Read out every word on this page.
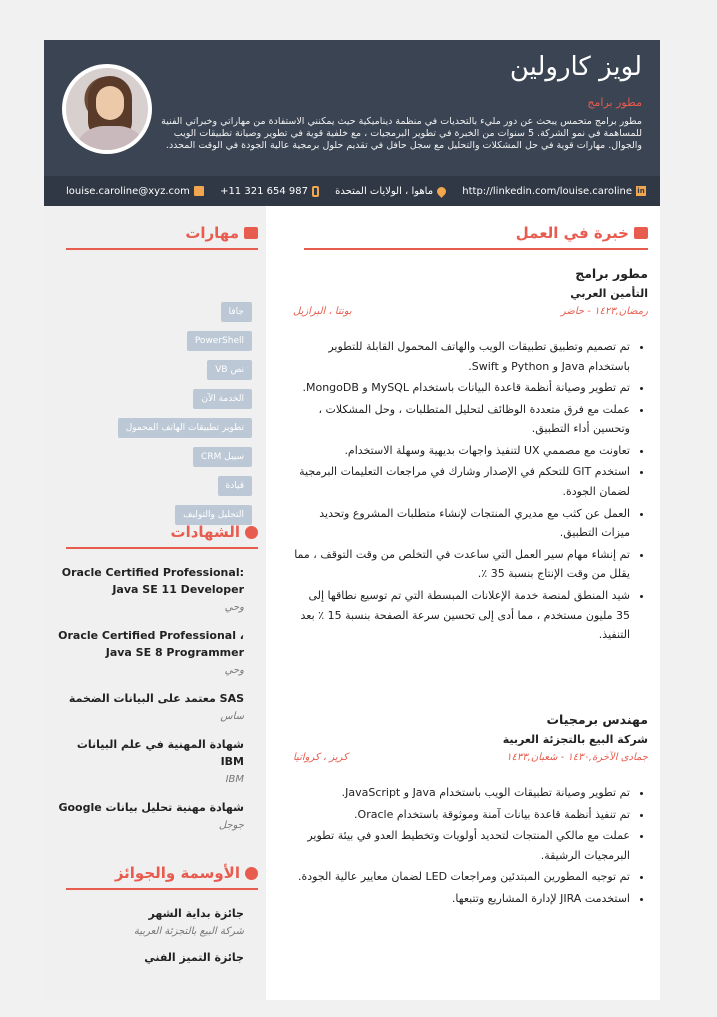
لويز كارولين
مطور برامج
مطور برامج متحمس يبحث عن دور مليء بالتحديات في منظمة ديناميكية حيث يمكنني الاستفادة من مهاراتي وخبراتي الفنية للمساهمة في نمو الشركة. 5 سنوات من الخبرة في تطوير البرمجيات ، مع خلفية قوية في تطوير وصيانة تطبيقات الويب والجوال. مهارات قوية في حل المشكلات والتحليل مع سجل حافل في تقديم حلول برمجية عالية الجودة في الوقت المحدد.
louise.caroline@xyz.com	+11 321 654 987	ماهوا ، الولايات المتحدة	in
http://linkedin.com/louise.caroline
خبرة في العمل
مطور برامج
التأمين العربي
رمضان,١٤٢٣ - حاضر
بونتا ، البرازيل
• تم تصميم وتطبيق تطبيقات الويب والهاتف المحمول القابلة للتطوير باستخدام Java و Python و Swift.
• تم تطوير وصيانة أنظمة قاعدة البيانات باستخدام MySQL و MongoDB.
• عملت مع فرق متعددة الوظائف لتحليل المتطلبات ، وحل المشكلات ، وتحسين أداء التطبيق.
• تعاونت مع مصممي UX لتنفيذ واجهات بديهية وسهلة الاستخدام.
• استخدم GIT للتحكم في الإصدار وشارك في مراجعات التعليمات البرمجية لضمان الجودة.
• العمل عن كثب مع مديري المنتجات لإنشاء متطلبات المشروع وتحديد ميزات التطبيق.
• تم إنشاء مهام سير العمل التي ساعدت في التخلص من وقت التوقف ، مما يقلل من وقت الإنتاج بنسبة 35 ٪.
• شيد المنطق لمنصة خدمة الإعلانات المبسطة التي تم توسيع نطاقها إلى 35 مليون مستخدم ، مما أدى إلى تحسين سرعة الصفحة بنسبة 15 ٪ بعد التنفيذ.
مهندس برمجيات
شركة البيع بالتجزئة العربية
جمادى الآخرة,١٤٣٠ - شعبان,١٤٣٣
كريز ، كرواتيا
• تم تطوير وصيانة تطبيقات الويب باستخدام Java و JavaScript.
• تم تنفيذ أنظمة قاعدة بيانات آمنة وموثوقة باستخدام Oracle.
• عملت مع مالكي المنتجات لتحديد أولويات وتخطيط العدو في بيئة تطوير البرمجيات الرشيقة.
• تم توجيه المطورين المبتدئين ومراجعات LED لضمان معايير عالية الجودة.
• استخدمت JIRA لإدارة المشاريع وتتبعها.
مهارات
جافا
PowerShell
نص VB
الخدمة الآن
تطوير تطبيقات الهاتف المحمول
سيبل CRM
قيادة
التحليل والتوليف
الشهادات
Oracle Certified Professional: Java SE 11 Developer
وحي
Oracle Certified Professional ، Java SE 8 Programmer
وحي
SAS معتمد على البيانات الضخمة
ساس
شهادة المهنية في علم البيانات IBM
IBM
شهادة مهنية تحليل بيانات Google
جوجل
الأوسمة والجوائز
جائزة بداية الشهر
شركة البيع بالتجزئة العربية
جائزة التميز الفني
